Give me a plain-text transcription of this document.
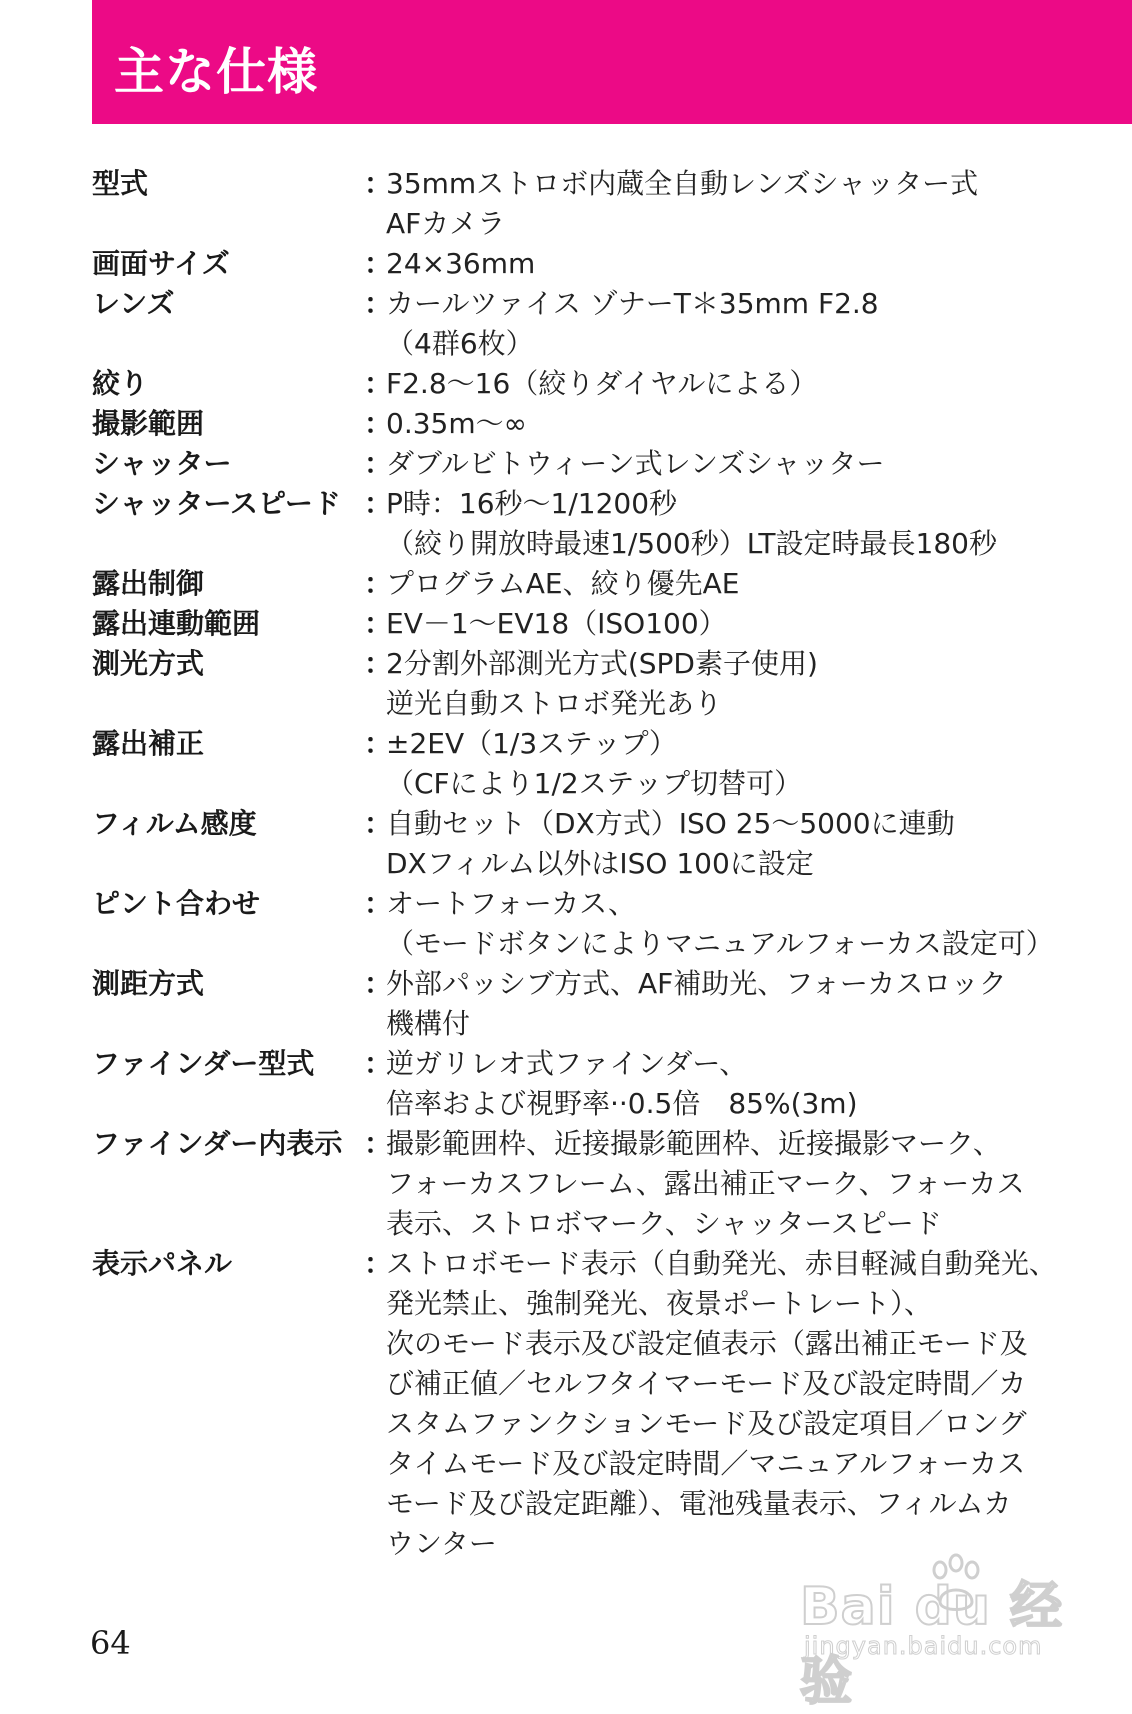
主な仕様
型式	：
35mmストロボ内蔵全自動レンズシャッター式
AFカメラ
画面サイズ	：
24×36mm
レンズ	：
カールツァイス ゾナーT＊35mm F2.8
（4群6枚）
絞り	：
F2.8～16（絞りダイヤルによる）
撮影範囲	：
0.35m～∞
シャッター	：
ダブルビトウィーン式レンズシャッター
シャッタースピード ：
P時：16秒～1/1200秒
（絞り開放時最速1/500秒）LT設定時最長180秒
露出制御	：
プログラムAE、絞り優先AE
露出連動範囲	：
EV－1～EV18（ISO100）
測光方式	：
2分割外部測光方式(SPD素子使用)
逆光自動ストロボ発光あり
露出補正	：
±2EV（1/3ステップ）
（CFにより1/2ステップ切替可）
フィルム感度	：
自動セット（DX方式）ISO 25～5000に連動
DXフィルム以外はISO 100に設定
ピント合わせ	：
オートフォーカス、
（モードボタンによりマニュアルフォーカス設定可）
測距方式	：
外部パッシブ方式、AF補助光、フォーカスロック
機構付
ファインダー型式	：
逆ガリレオ式ファインダー、
倍率および視野率··0.5倍　85%(3m)
ファインダー内表示 ：
撮影範囲枠、近接撮影範囲枠、近接撮影マーク、
フォーカスフレーム、露出補正マーク、フォーカス
表示、ストロボマーク、シャッタースピード
表示パネル	：
ストロボモード表示（自動発光、赤目軽減自動発光、
発光禁止、強制発光、夜景ポートレート）、
次のモード表示及び設定値表示（露出補正モード及
び補正値／セルフタイマーモード及び設定時間／カ
スタムファンクションモード及び設定項目／ロング
タイムモード及び設定時間／マニュアルフォーカス
モード及び設定距離）、電池残量表示、フィルムカ
ウンター
64
Bai du 经验
jingyan.baidu.com
